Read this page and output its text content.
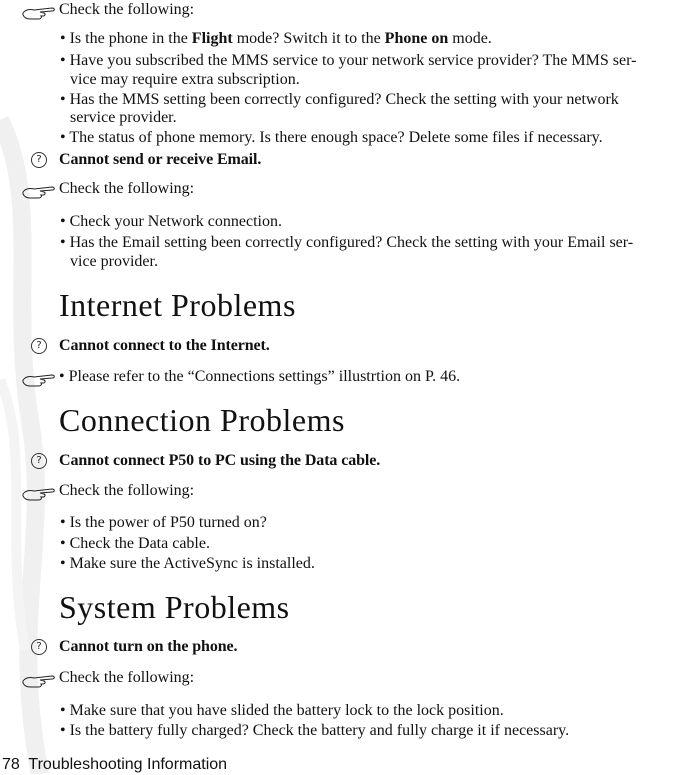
Check the following:
• Is the phone in the Flight mode? Switch it to the Phone on mode.
• Have you subscribed the MMS service to your network service provider? The MMS ser-
vice may require extra subscription.
• Has the MMS setting been correctly configured? Check the setting with your network
service provider.
• The status of phone memory. Is there enough space? Delete some files if necessary.
?	Cannot send or receive Email.
Check the following:
• Check your Network connection.
• Has the Email setting been correctly configured? Check the setting with your Email ser-
vice provider.
Internet Problems
?	Cannot connect to the Internet.
• Please refer to the “Connections settings” illustrtion on P. 46.
Connection Problems
?	Cannot connect P50 to PC using the Data cable.
Check the following:
• Is the power of P50 turned on?
• Check the Data cable.
• Make sure the ActiveSync is installed.
System Problems
?	Cannot turn on the phone.
Check the following:
• Make sure that you have slided the battery lock to the lock position.
• Is the battery fully charged? Check the battery and fully charge it if necessary.
78 Troubleshooting Information
